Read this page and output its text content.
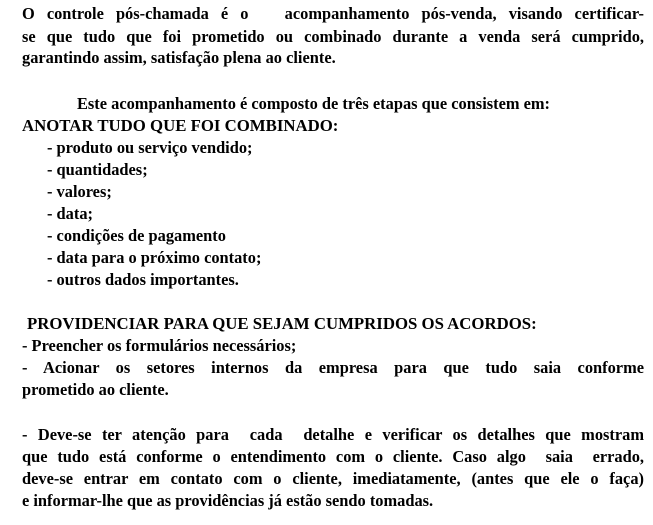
O controle pós-chamada é o   acompanhamento pós-venda, visando certificar-
se que tudo que foi prometido ou combinado durante a venda será cumprido,
garantindo assim, satisfação plena ao cliente.
Este acompanhamento é composto de três etapas que consistem em:
ANOTAR TUDO QUE FOI COMBINADO:
- produto ou serviço vendido;
- quantidades;
- valores;
- data;
- condições de pagamento
- data para o próximo contato;
- outros dados importantes.
PROVIDENCIAR PARA QUE SEJAM CUMPRIDOS OS ACORDOS:
- Preencher os formulários necessários;
- Acionar os setores internos da empresa para que tudo saia conforme
prometido ao cliente.
- Deve-se ter atenção para  cada  detalhe e verificar os detalhes que mostram
que tudo está conforme o entendimento com o cliente. Caso algo  saia  errado,
deve-se entrar em contato com o cliente, imediatamente, (antes que ele o faça)
e informar-lhe que as providências já estão sendo tomadas.
